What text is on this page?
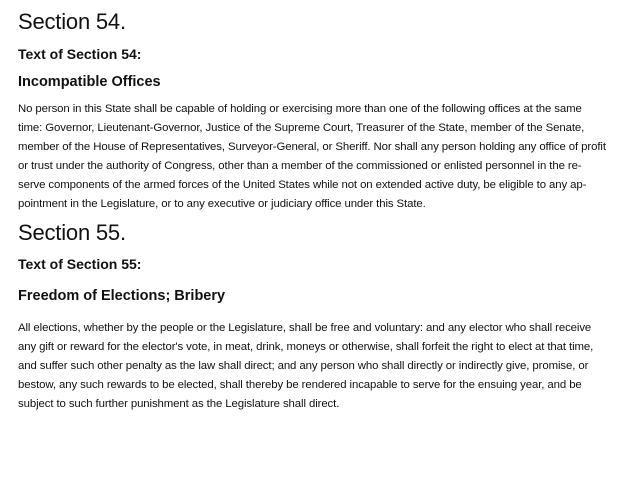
Section 54.
Text of Section 54:
Incompatible Offices

No person in this State shall be capable of holding or exercising more than one of the following offices at the same
time: Governor, Lieutenant-Governor, Justice of the Supreme Court, Treasurer of the State, member of the Senate,
member of the House of Representatives, Surveyor-General, or Sheriff. Nor shall any person holding any office of profit
or trust under the authority of Congress, other than a member of the commissioned or enlisted personnel in the re-
serve components of the armed forces of the United States while not on extended active duty, be eligible to any ap-
pointment in the Legislature, or to any executive or judiciary office under this State.

Section 55.
Text of Section 55:
Freedom of Elections; Bribery

All elections, whether by the people or the Legislature, shall be free and voluntary: and any elector who shall receive
any gift or reward for the elector's vote, in meat, drink, moneys or otherwise, shall forfeit the right to elect at that time,
and suffer such other penalty as the law shall direct; and any person who shall directly or indirectly give, promise, or
bestow, any such rewards to be elected, shall thereby be rendered incapable to serve for the ensuing year, and be
subject to such further punishment as the Legislature shall direct.
